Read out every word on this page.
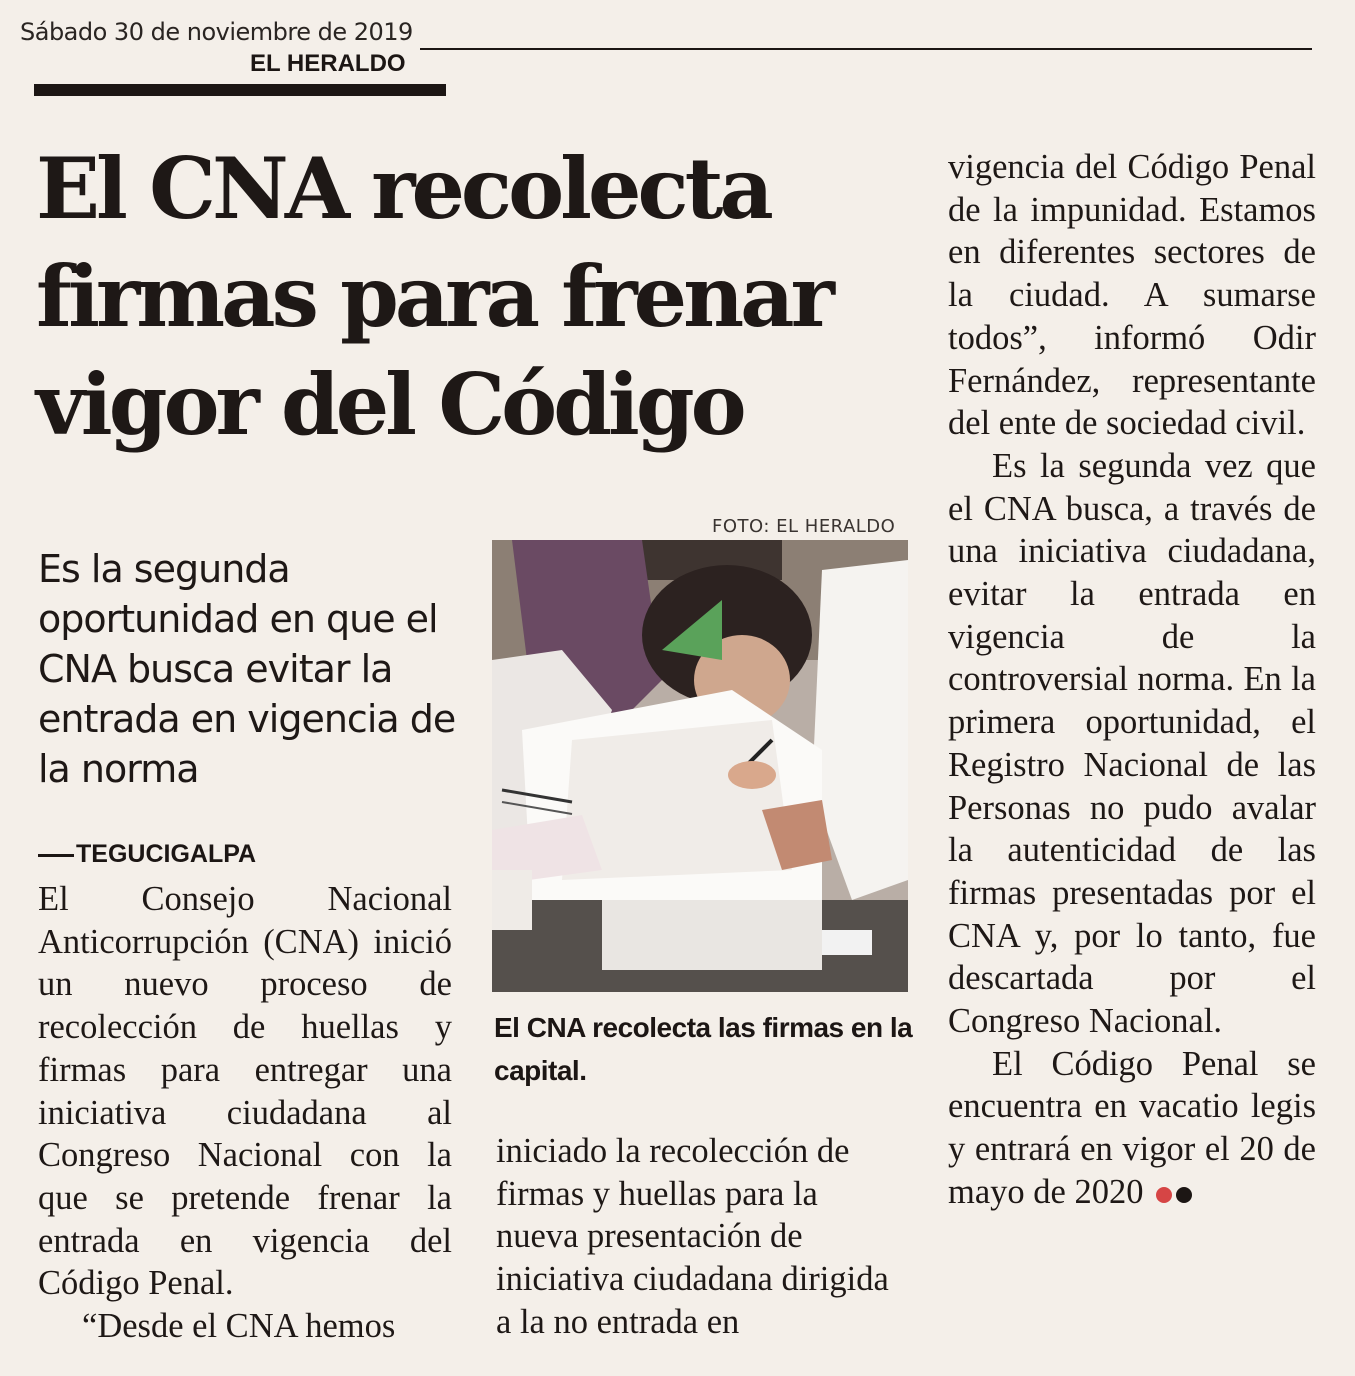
Sábado 30 de noviembre de 2019
EL HERALDO
El CNA recolecta firmas para frenar vigor del Código

Es la segunda oportunidad en que el CNA busca evitar la entrada en vigencia de la norma

TEGUCIGALPA

El Consejo Nacional Anticorrupción (CNA) inició un nuevo proceso de recolección de huellas y firmas para entregar una iniciativa ciudadana al Congreso Nacional con la que se pretende frenar la entrada en vigencia del Código Penal.

“Desde el CNA hemos

FOTO: EL HERALDO

El CNA recolecta las firmas en la capital.

iniciado la recolección de firmas y huellas para la nueva presentación de iniciativa ciudadana dirigida a la no entrada en

vigencia del Código Penal de la impunidad. Estamos en diferentes sectores de la ciudad. A sumarse todos”, informó Odir Fernández, representante del ente de sociedad civil.

Es la segunda vez que el CNA busca, a través de una iniciativa ciudadana, evitar la entrada en vigencia de la controversial norma. En la primera oportunidad, el Registro Nacional de las Personas no pudo avalar la autenticidad de las firmas presentadas por el CNA y, por lo tanto, fue descartada por el Congreso Nacional.

El Código Penal se encuentra en vacatio legis y entrará en vigor el 20 de mayo de 2020
